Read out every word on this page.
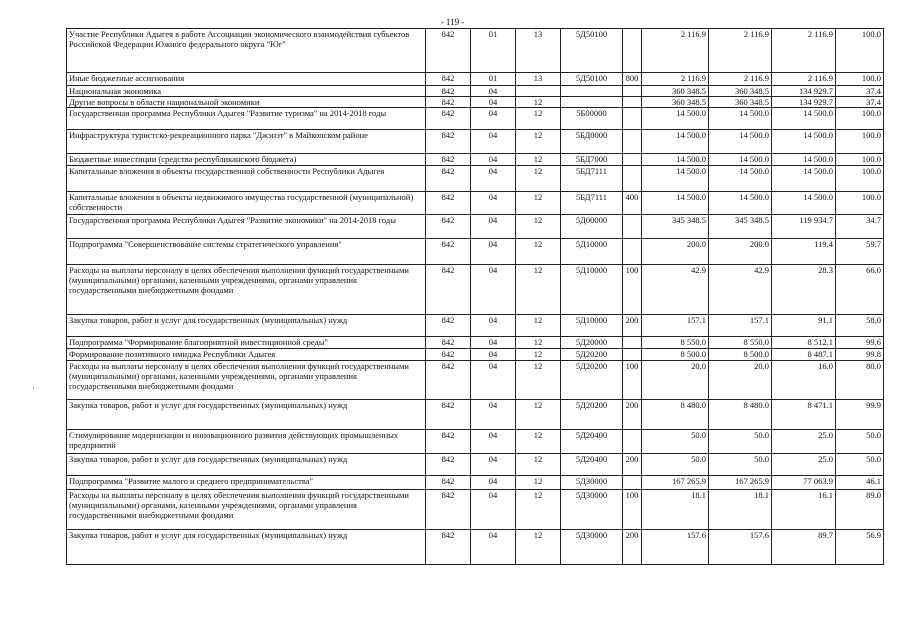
- 119 -
·
Участие Республики Адыгея в работе Ассоциации экономического взаимодействия субъектов Российской Федерации Южного федерального округа "Юг"	842	01	13	5Д50100		2 116.9	2 116.9	2 116.9	100.0
Иные бюджетные ассигнования	842	01	13	5Д50100	800	2 116.9	2 116.9	2 116.9	100.0
Национальная экономика	842	04				360 348.5	360 348.5	134 929.7	37.4
Другие вопросы в области национальной экономики	842	04	12			360 348.5	360 348.5	134 929.7	37.4
Государственная программа Республики Адыгея "Развитие туризма" на 2014-2018 годы	842	04	12	5Б00000		14 500.0	14 500.0	14 500.0	100.0
Инфраструктура туристско-рекреационного парка "Джэнэт" в Майкопском районе	842	04	12	5БД0000		14 500.0	14 500.0	14 500.0	100.0
Бюджетные инвестиции (средства республиканского бюджета)	842	04	12	5БД7000		14 500.0	14 500.0	14 500.0	100.0
Капитальные вложения в объекты государственной собственности Республики Адыгея	842	04	12	5БД7111		14 500.0	14 500.0	14 500.0	100.0
Капитальные вложения в объекты недвижимого имущества государственной (муниципальной) собственности	842	04	12	5БД7111	400	14 500.0	14 500.0	14 500.0	100.0
Государственная программа Республики Адыгея "Развитие экономики" на 2014-2018 годы	842	04	12	5Д00000		345 348.5	345 348.5	119 934.7	34.7
Подпрограмма "Совершенствование системы стратегического управления"	842	04	12	5Д10000		200.0	200.0	119.4	59.7
Расходы на выплаты персоналу в целях обеспечения выполнения функций государственными (муниципальными) органами, казенными учреждениями, органами управления государственными внебюджетными фондами	842	04	12	5Д10000	100	42.9	42.9	28.3	66.0
Закупка товаров, работ и услуг для государственных (муниципальных) нужд	842	04	12	5Д10000	200	157.1	157.1	91.1	58.0
Подпрограмма "Формирование благоприятной инвестиционной среды"	842	04	12	5Д20000		8 550.0	8 550.0	8 512.1	99.6
Формирование позитивного имиджа Республики Адыгея	842	04	12	5Д20200		8 500.0	8 500.0	8 487.1	99.8
Расходы на выплаты персоналу в целях обеспечения выполнения функций государственными (муниципальными) органами, казенными учреждениями, органами управления государственными внебюджетными фондами	842	04	12	5Д20200	100	20.0	20.0	16.0	80.0
Закупка товаров, работ и услуг для государственных (муниципальных) нужд	842	04	12	5Д20200	200	8 480.0	8 480.0	8 471.1	99.9
Стимулирование модернизации и инновационного развития действующих промышленных предприятий	842	04	12	5Д20400		50.0	50.0	25.0	50.0
Закупка товаров, работ и услуг для государственных (муниципальных) нужд	842	04	12	5Д20400	200	50.0	50.0	25.0	50.0
Подпрограмма "Развитие малого и среднего предпринимательства"	842	04	12	5Д30000		167 265.9	167 265.9	77 063.9	46.1
Расходы на выплаты персоналу в целях обеспечения выполнения функций государственными (муниципальными) органами, казенными учреждениями, органами управления государственными внебюджетными фондами	842	04	12	5Д30000	100	18.1	18.1	16.1	89.0
Закупка товаров, работ и услуг для государственных (муниципальных) нужд	842	04	12	5Д30000	200	157.6	157.6	89.7	56.9
